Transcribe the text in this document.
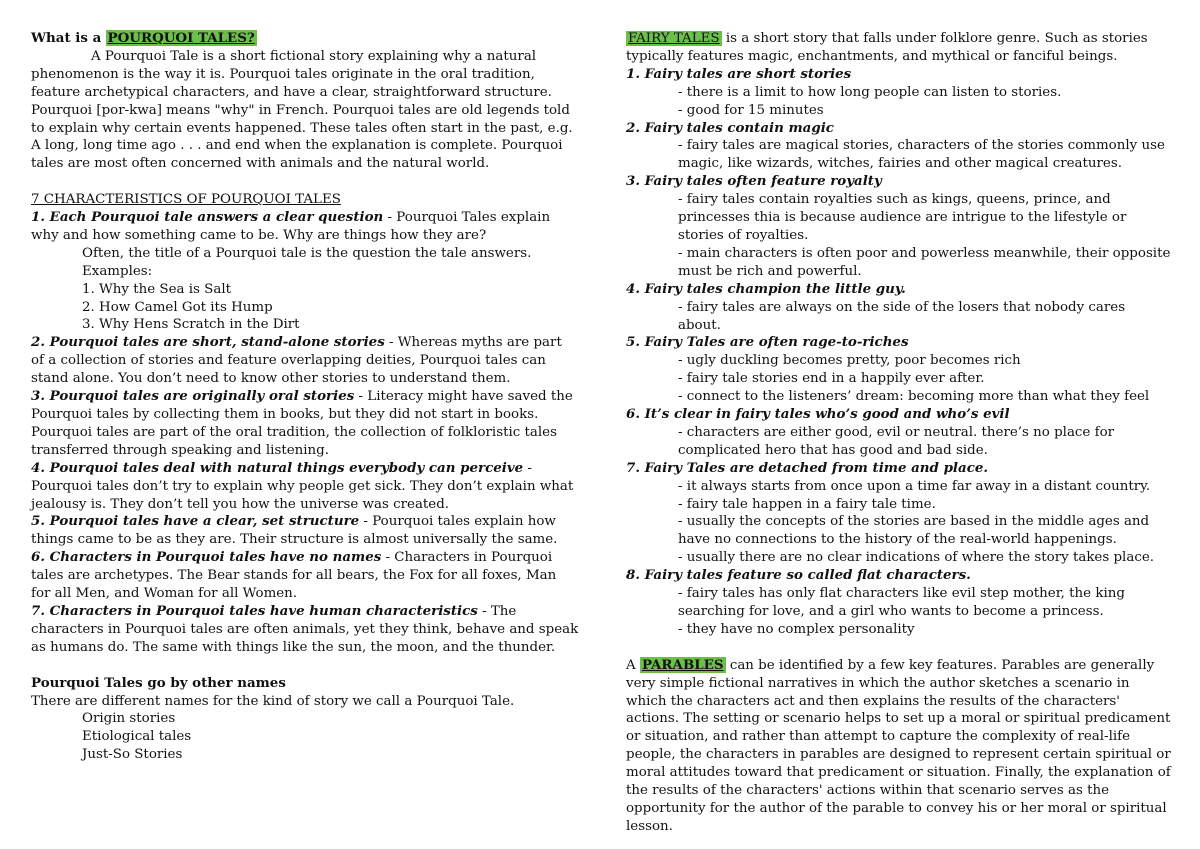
What is a POURQUOI TALES?

A Pourquoi Tale is a short fictional story explaining why a natural phenomenon is the way it is. Pourquoi tales originate in the oral tradition, feature archetypical characters, and have a clear, straightforward structure. Pourquoi [por-kwa] means "why" in French. Pourquoi tales are old legends told to explain why certain events happened. These tales often start in the past, e.g. A long, long time ago . . . and end when the explanation is complete. Pourquoi tales are most often concerned with animals and the natural world.

7 CHARACTERISTICS OF POURQUOI TALES

1. Each Pourquoi tale answers a clear question - Pourquoi Tales explain why and how something came to be. Why are things how they are?

Often, the title of a Pourquoi tale is the question the tale answers.

Examples:

1. Why the Sea is Salt

2. How Camel Got its Hump

3. Why Hens Scratch in the Dirt

2. Pourquoi tales are short, stand-alone stories - Whereas myths are part of a collection of stories and feature overlapping deities, Pourquoi tales can stand alone. You don’t need to know other stories to understand them.

3. Pourquoi tales are originally oral stories - Literacy might have saved the Pourquoi tales by collecting them in books, but they did not start in books. Pourquoi tales are part of the oral tradition, the collection of folkloristic tales transferred through speaking and listening.

4. Pourquoi tales deal with natural things everybody can perceive - Pourquoi tales don’t try to explain why people get sick. They don’t explain what jealousy is. They don’t tell you how the universe was created.

5. Pourquoi tales have a clear, set structure - Pourquoi tales explain how things came to be as they are. Their structure is almost universally the same.

6. Characters in Pourquoi tales have no names - Characters in Pourquoi tales are archetypes. The Bear stands for all bears, the Fox for all foxes, Man for all Men, and Woman for all Women.

7. Characters in Pourquoi tales have human characteristics - The characters in Pourquoi tales are often animals, yet they think, behave and speak as humans do. The same with things like the sun, the moon, and the thunder.

Pourquoi Tales go by other names

There are different names for the kind of story we call a Pourquoi Tale.

Origin stories

Etiological tales

Just-So Stories

FAIRY TALES is a short story that falls under folklore genre. Such as stories typically features magic, enchantments, and mythical or fanciful beings.

1. Fairy tales are short stories

- there is a limit to how long people can listen to stories.

- good for 15 minutes

2. Fairy tales contain magic

- fairy tales are magical stories, characters of the stories commonly use magic, like wizards, witches, fairies and other magical creatures.

3. Fairy tales often feature royalty

- fairy tales contain royalties such as kings, queens, prince, and princesses thia is because audience are intrigue to the lifestyle or stories of royalties.

- main characters is often poor and powerless meanwhile, their opposite must be rich and powerful.

4. Fairy tales champion the little guy.

- fairy tales are always on the side of the losers that nobody cares about.

5. Fairy Tales are often rage-to-riches

- ugly duckling becomes pretty, poor becomes rich

- fairy tale stories end in a happily ever after.

- connect to the listeners’ dream: becoming more than what they feel

6. It’s clear in fairy tales who’s good and who’s evil

- characters are either good, evil or neutral. there’s no place for complicated hero that has good and bad side.

7. Fairy Tales are detached from time and place.

- it always starts from once upon a time far away in a distant country.

- fairy tale happen in a fairy tale time.

- usually the concepts of the stories are based in the middle ages and have no connections to the history of the real-world happenings.

- usually there are no clear indications of where the story takes place.

8. Fairy tales feature so called flat characters.

- fairy tales has only flat characters like evil step mother, the king searching for love, and a girl who wants to become a princess.

- they have no complex personality

A PARABLES can be identified by a few key features. Parables are generally very simple fictional narratives in which the author sketches a scenario in which the characters act and then explains the results of the characters' actions. The setting or scenario helps to set up a moral or spiritual predicament or situation, and rather than attempt to capture the complexity of real-life people, the characters in parables are designed to represent certain spiritual or moral attitudes toward that predicament or situation. Finally, the explanation of the results of the characters' actions within that scenario serves as the opportunity for the author of the parable to convey his or her moral or spiritual lesson.
